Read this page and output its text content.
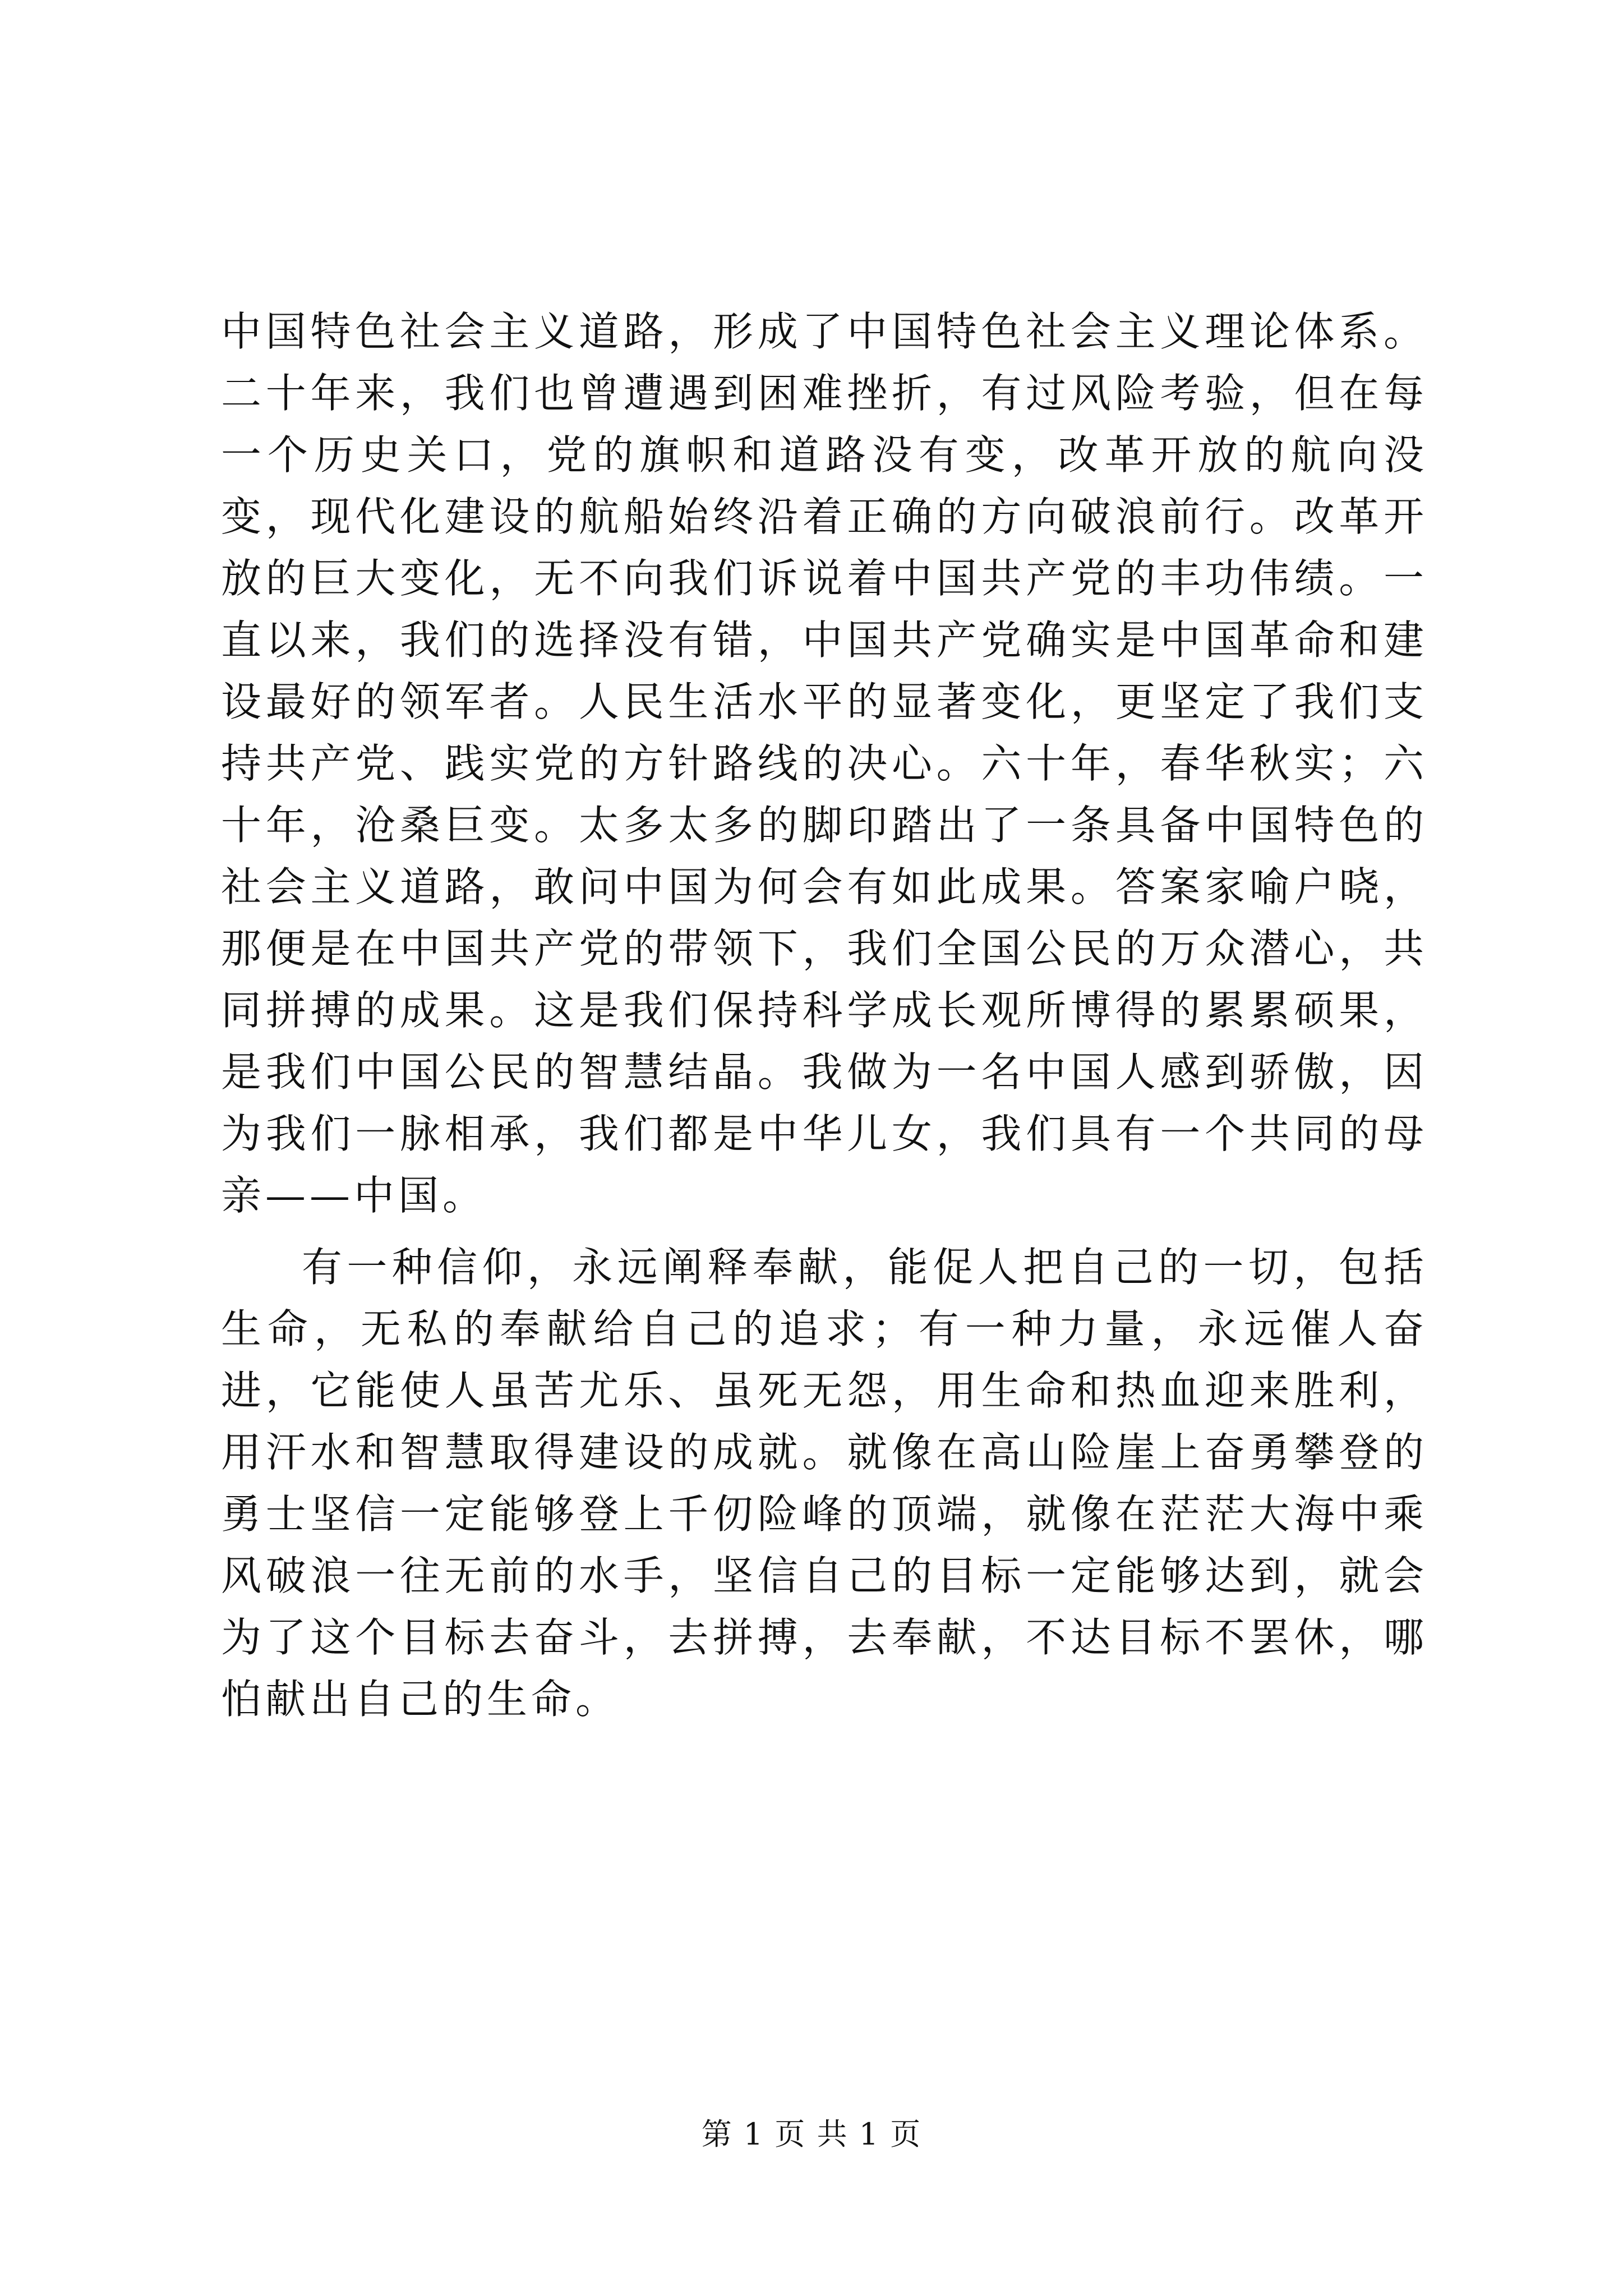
中国特色社会主义道路，形成了中国特色社会主义理论体系。二十年来，我们也曾遭遇到困难挫折，有过风险考验，但在每一个历史关口，党的旗帜和道路没有变，改革开放的航向没变，现代化建设的航船始终沿着正确的方向破浪前行。改革开放的巨大变化，无不向我们诉说着中国共产党的丰功伟绩。一直以来，我们的选择没有错，中国共产党确实是中国革命和建设最好的领军者。人民生活水平的显著变化，更坚定了我们支持共产党、践实党的方针路线的决心。六十年，春华秋实；六十年，沧桑巨变。太多太多的脚印踏出了一条具备中国特色的社会主义道路，敢问中国为何会有如此成果。答案家喻户晓，那便是在中国共产党的带领下，我们全国公民的万众潜心，共同拼搏的成果。这是我们保持科学成长观所博得的累累硕果，是我们中国公民的智慧结晶。我做为一名中国人感到骄傲，因为我们一脉相承，我们都是中华儿女，我们具有一个共同的母亲——中国。

有一种信仰，永远阐释奉献，能促人把自己的一切，包括生命，无私的奉献给自己的追求；有一种力量，永远催人奋进，它能使人虽苦尤乐、虽死无怨，用生命和热血迎来胜利，用汗水和智慧取得建设的成就。就像在高山险崖上奋勇攀登的勇士坚信一定能够登上千仞险峰的顶端，就像在茫茫大海中乘风破浪一往无前的水手，坚信自己的目标一定能够达到，就会为了这个目标去奋斗，去拼搏，去奉献，不达目标不罢休，哪怕献出自己的生命。

第 1 页 共 1 页
